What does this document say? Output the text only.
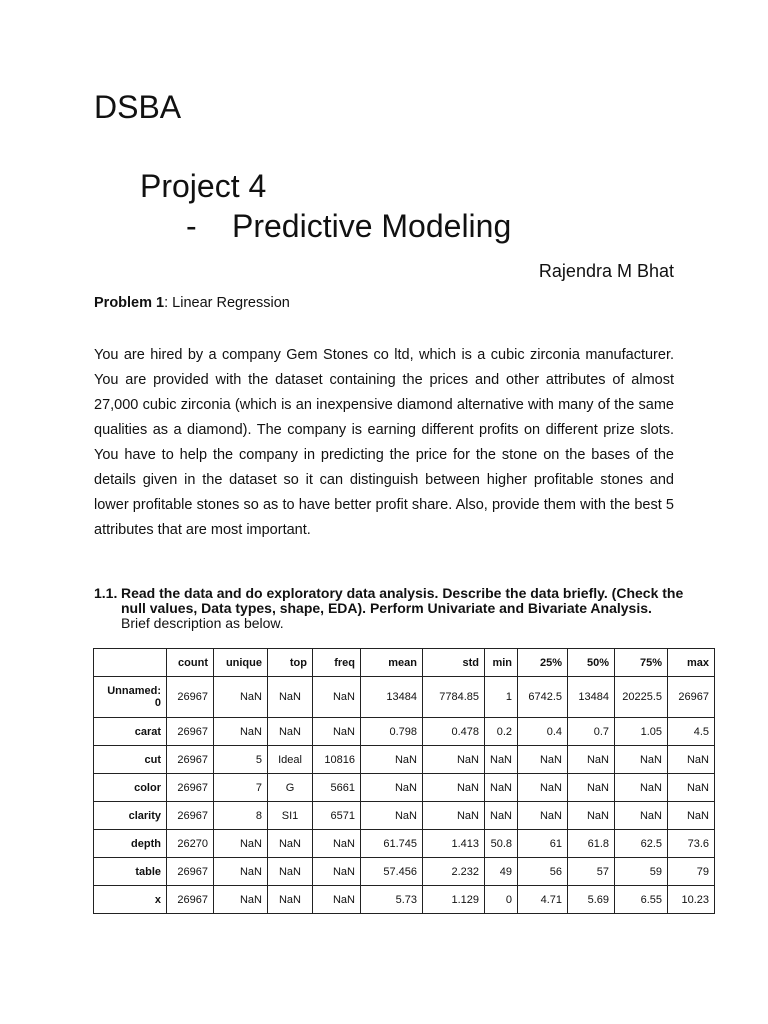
DSBA
Project 4
- Predictive Modeling
Rajendra M Bhat
Problem 1: Linear Regression

You are hired by a company Gem Stones co ltd, which is a cubic zirconia manufacturer. You are provided with the dataset containing the prices and other attributes of almost 27,000 cubic zirconia (which is an inexpensive diamond alternative with many of the same qualities as a diamond). The company is earning different profits on different prize slots. You have to help the company in predicting the price for the stone on the bases of the details given in the dataset so it can distinguish between higher profitable stones and lower profitable stones so as to have better profit share. Also, provide them with the best 5 attributes that are most important.

1.1. Read the data and do exploratory data analysis. Describe the data briefly. (Check the null values, Data types, shape, EDA). Perform Univariate and Bivariate Analysis.
Brief description as below.
	count	unique	top	freq	mean	std	min	25%	50%	75%	max
Unnamed: 0	26967	NaN	NaN	NaN	13484	7784.85	1	6742.5	13484	20225.5	26967
carat	26967	NaN	NaN	NaN	0.798	0.478	0.2	0.4	0.7	1.05	4.5
cut	26967	5	Ideal	10816	NaN	NaN	NaN	NaN	NaN	NaN	NaN
color	26967	7	G	5661	NaN	NaN	NaN	NaN	NaN	NaN	NaN
clarity	26967	8	SI1	6571	NaN	NaN	NaN	NaN	NaN	NaN	NaN
depth	26270	NaN	NaN	NaN	61.745	1.413	50.8	61	61.8	62.5	73.6
table	26967	NaN	NaN	NaN	57.456	2.232	49	56	57	59	79
x	26967	NaN	NaN	NaN	5.73	1.129	0	4.71	5.69	6.55	10.23
